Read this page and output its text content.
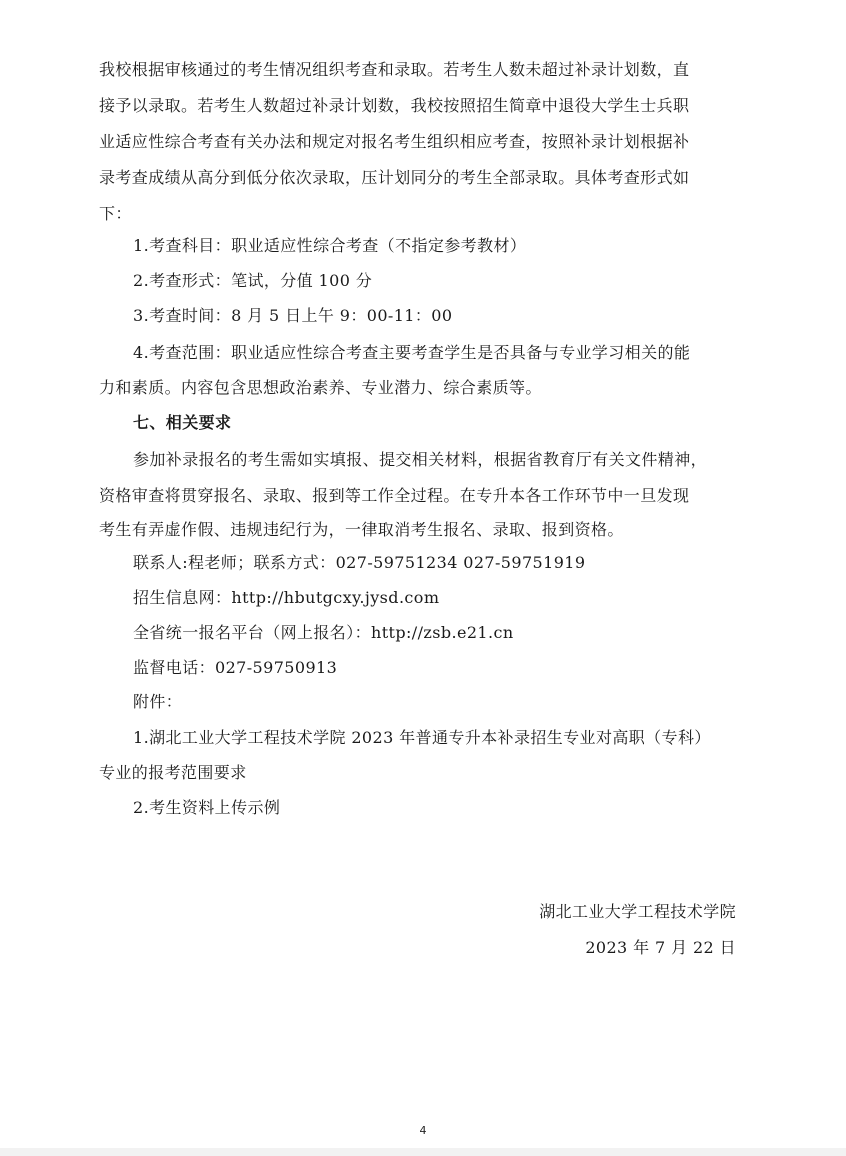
我校根据审核通过的考生情况组织考查和录取。若考生人数未超过补录计划数，直

接予以录取。若考生人数超过补录计划数，我校按照招生简章中退役大学生士兵职

业适应性综合考查有关办法和规定对报名考生组织相应考查，按照补录计划根据补

录考查成绩从高分到低分依次录取，压计划同分的考生全部录取。具体考查形式如

下：

1.考查科目：职业适应性综合考查（不指定参考教材）

2.考查形式：笔试，分值 100 分

3.考查时间：8 月 5 日上午 9：00-11：00

4.考查范围：职业适应性综合考查主要考查学生是否具备与专业学习相关的能

力和素质。内容包含思想政治素养、专业潜力、综合素质等。

七、相关要求

参加补录报名的考生需如实填报、提交相关材料，根据省教育厅有关文件精神，

资格审查将贯穿报名、录取、报到等工作全过程。在专升本各工作环节中一旦发现

考生有弄虚作假、违规违纪行为，一律取消考生报名、录取、报到资格。

联系人:程老师；联系方式：027-59751234 027-59751919

招生信息网：http://hbutgcxy.jysd.com

全省统一报名平台（网上报名）：http://zsb.e21.cn

监督电话：027-59750913

附件：

1.湖北工业大学工程技术学院 2023 年普通专升本补录招生专业对高职（专科）

专业的报考范围要求

2.考生资料上传示例

湖北工业大学工程技术学院
2023 年 7 月 22 日
4
